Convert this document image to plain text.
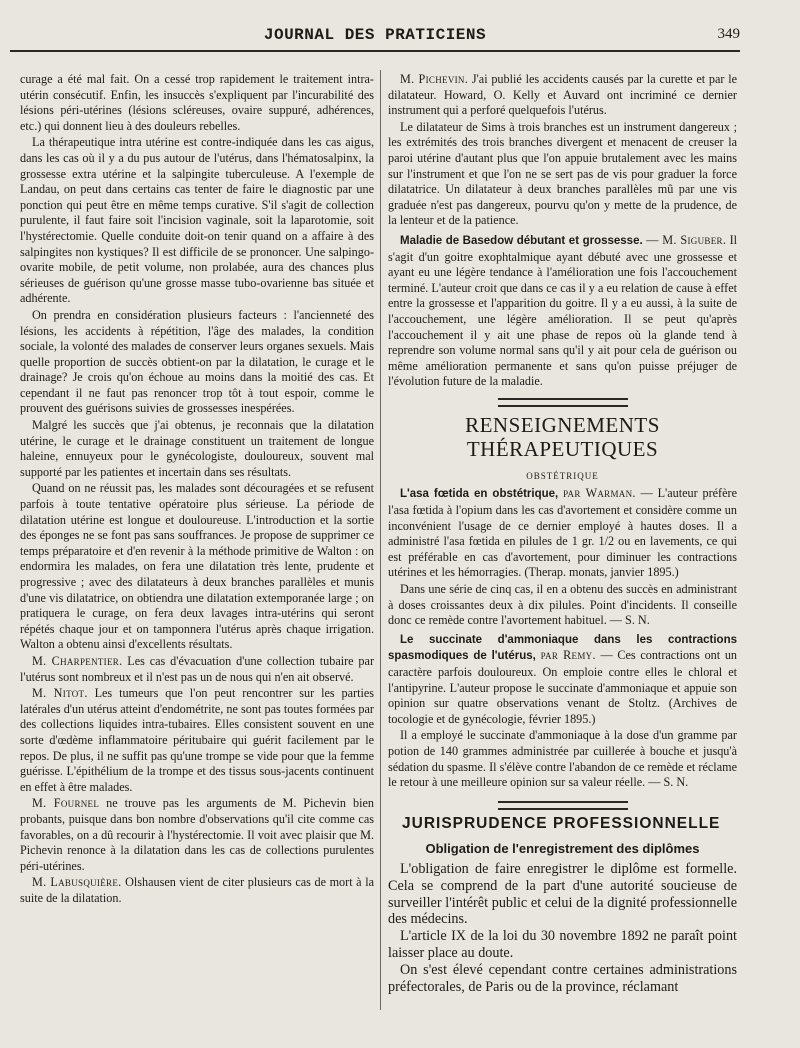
JOURNAL DES PRATICIENS	349

curage a été mal fait. On a cessé trop rapidement le traitement intra-utérin consécutif. Enfin, les insuccès s'expliquent par l'incurabilité des lésions péri-utérines (lésions scléreuses, ovaire suppuré, adhérences, etc.) qui donnent lieu à des douleurs rebelles.

La thérapeutique intra utérine est contre-indiquée dans les cas aigus, dans les cas où il y a du pus autour de l'utérus, dans l'hématosalpinx, la grossesse extra utérine et la salpingite tuberculeuse. A l'exemple de Landau, on peut dans certains cas tenter de faire le diagnostic par une ponction qui peut être en même temps curative. S'il s'agit de collection purulente, il faut faire soit l'incision vaginale, soit la laparotomie, soit l'hystérectomie. Quelle conduite doit-on tenir quand on a affaire à des salpingites non kystiques? Il est difficile de se prononcer. Une salpingo-ovarite mobile, de petit volume, non prolabée, aura des chances plus sérieuses de guérison qu'une grosse masse tubo-ovarienne bas située et adhérente.

On prendra en considération plusieurs facteurs : l'ancienneté des lésions, les accidents à répétition, l'âge des malades, la condition sociale, la volonté des malades de conserver leurs organes sexuels. Mais quelle proportion de succès obtient-on par la dilatation, le curage et le drainage? Je crois qu'on échoue au moins dans la moitié des cas. Et cependant il ne faut pas renoncer trop tôt à tout espoir, comme le prouvent des guérisons suivies de grossesses inespérées.

Malgré les succès que j'ai obtenus, je reconnais que la dilatation utérine, le curage et le drainage constituent un traitement de longue haleine, ennuyeux pour le gynécologiste, douloureux, souvent mal supporté par les patientes et incertain dans ses résultats.

Quand on ne réussit pas, les malades sont découragées et se refusent parfois à toute tentative opératoire plus sérieuse. La période de dilatation utérine est longue et douloureuse. L'introduction et la sortie des éponges ne se font pas sans souffrances. Je propose de supprimer ce temps préparatoire et d'en revenir à la méthode primitive de Walton : on endormira les malades, on fera une dilatation très lente, prudente et progressive ; avec des dilatateurs à deux branches parallèles et munis d'une vis dilatatrice, on obtiendra une dilatation extemporanée large ; on pratiquera le curage, on fera deux lavages intra-utérins qui seront répétés chaque jour et on tamponnera l'utérus après chaque irrigation. Walton a obtenu ainsi d'excellents résultats.

M. Charpentier. Les cas d'évacuation d'une collection tubaire par l'utérus sont nombreux et il n'est pas un de nous qui n'en ait observé.

M. Nitot. Les tumeurs que l'on peut rencontrer sur les parties latérales d'un utérus atteint d'endométrite, ne sont pas toutes formées par des collections liquides intra-tubaires. Elles consistent souvent en une sorte d'œdème inflammatoire péritubaire qui guérit facilement par le repos. De plus, il ne suffit pas qu'une trompe se vide pour que la femme guérisse. L'épithélium de la trompe et des tissus sous-jacents continuent en effet à être malades.

M. Fournel ne trouve pas les arguments de M. Pichevin bien probants, puisque dans bon nombre d'observations qu'il cite comme cas favorables, on a dû recourir à l'hystérectomie. Il voit avec plaisir que M. Pichevin renonce à la dilatation dans les cas de collections purulentes péri-utérines.

M. Labusquière. Olshausen vient de citer plusieurs cas de mort à la suite de la dilatation.

M. Pichevin. J'ai publié les accidents causés par la curette et par le dilatateur. Howard, O. Kelly et Auvard ont incriminé ce dernier instrument qui a perforé quelquefois l'utérus.

Le dilatateur de Sims à trois branches est un instrument dangereux ; les extrémités des trois branches divergent et menacent de creuser la paroi utérine d'autant plus que l'on appuie brutalement avec les mains sur l'instrument et que l'on ne se sert pas de vis pour graduer la force dilatatrice. Un dilatateur à deux branches parallèles mû par une vis graduée n'est pas dangereux, pourvu qu'on y mette de la prudence, de la lenteur et de la patience.

Maladie de Basedow débutant et grossesse. — M. Siguber. Il s'agit d'un goitre exophtalmique ayant débuté avec une grossesse et ayant eu une légère tendance à l'amélioration une fois l'accouchement terminé. L'auteur croit que dans ce cas il y a eu relation de cause à effet entre la grossesse et l'apparition du goitre. Il y a eu aussi, à la suite de l'accouchement, une légère amélioration. Il se peut qu'après l'accouchement il y ait une phase de repos où la glande tend à reprendre son volume normal sans qu'il y ait pour cela de guérison ou même amélioration permanente et sans qu'on puisse préjuger de l'évolution future de la maladie.

RENSEIGNEMENTS THÉRAPEUTIQUES
OBSTÉTRIQUE

L'asa fœtida en obstétrique, par Warman. — L'auteur préfère l'asa fœtida à l'opium dans les cas d'avortement et considère comme un inconvénient l'usage de ce dernier employé à hautes doses. Il a administré l'asa fœtida en pilules de 1 gr. 1/2 ou en lavements, ce qui est préférable en cas d'avortement, pour diminuer les contractions utérines et les hémorragies. (Therap. monats, janvier 1895.)

Dans une série de cinq cas, il en a obtenu des succès en administrant à doses croissantes deux à dix pilules. Point d'incidents. Il conseille donc ce remède contre l'avortement habituel. — S. N.

Le succinate d'ammoniaque dans les contractions spasmodiques de l'utérus, par Remy. — Ces contractions ont un caractère parfois douloureux. On emploie contre elles le chloral et l'antipyrine. L'auteur propose le succinate d'ammoniaque et appuie son opinion sur quatre observations venant de Stoltz. (Archives de tocologie et de gynécologie, février 1895.)

Il a employé le succinate d'ammoniaque à la dose d'un gramme par potion de 140 grammes administrée par cuillerée à bouche et jusqu'à sédation du spasme. Il s'élève contre l'abandon de ce remède et réclame le retour à une meilleure opinion sur sa valeur réelle. — S. N.

JURISPRUDENCE PROFESSIONNELLE
Obligation de l'enregistrement des diplômes

L'obligation de faire enregistrer le diplôme est formelle. Cela se comprend de la part d'une autorité soucieuse de surveiller l'intérêt public et celui de la dignité professionnelle des médecins.

L'article IX de la loi du 30 novembre 1892 ne paraît point laisser place au doute.

On s'est élevé cependant contre certaines administrations préfectorales, de Paris ou de la province, réclamant
